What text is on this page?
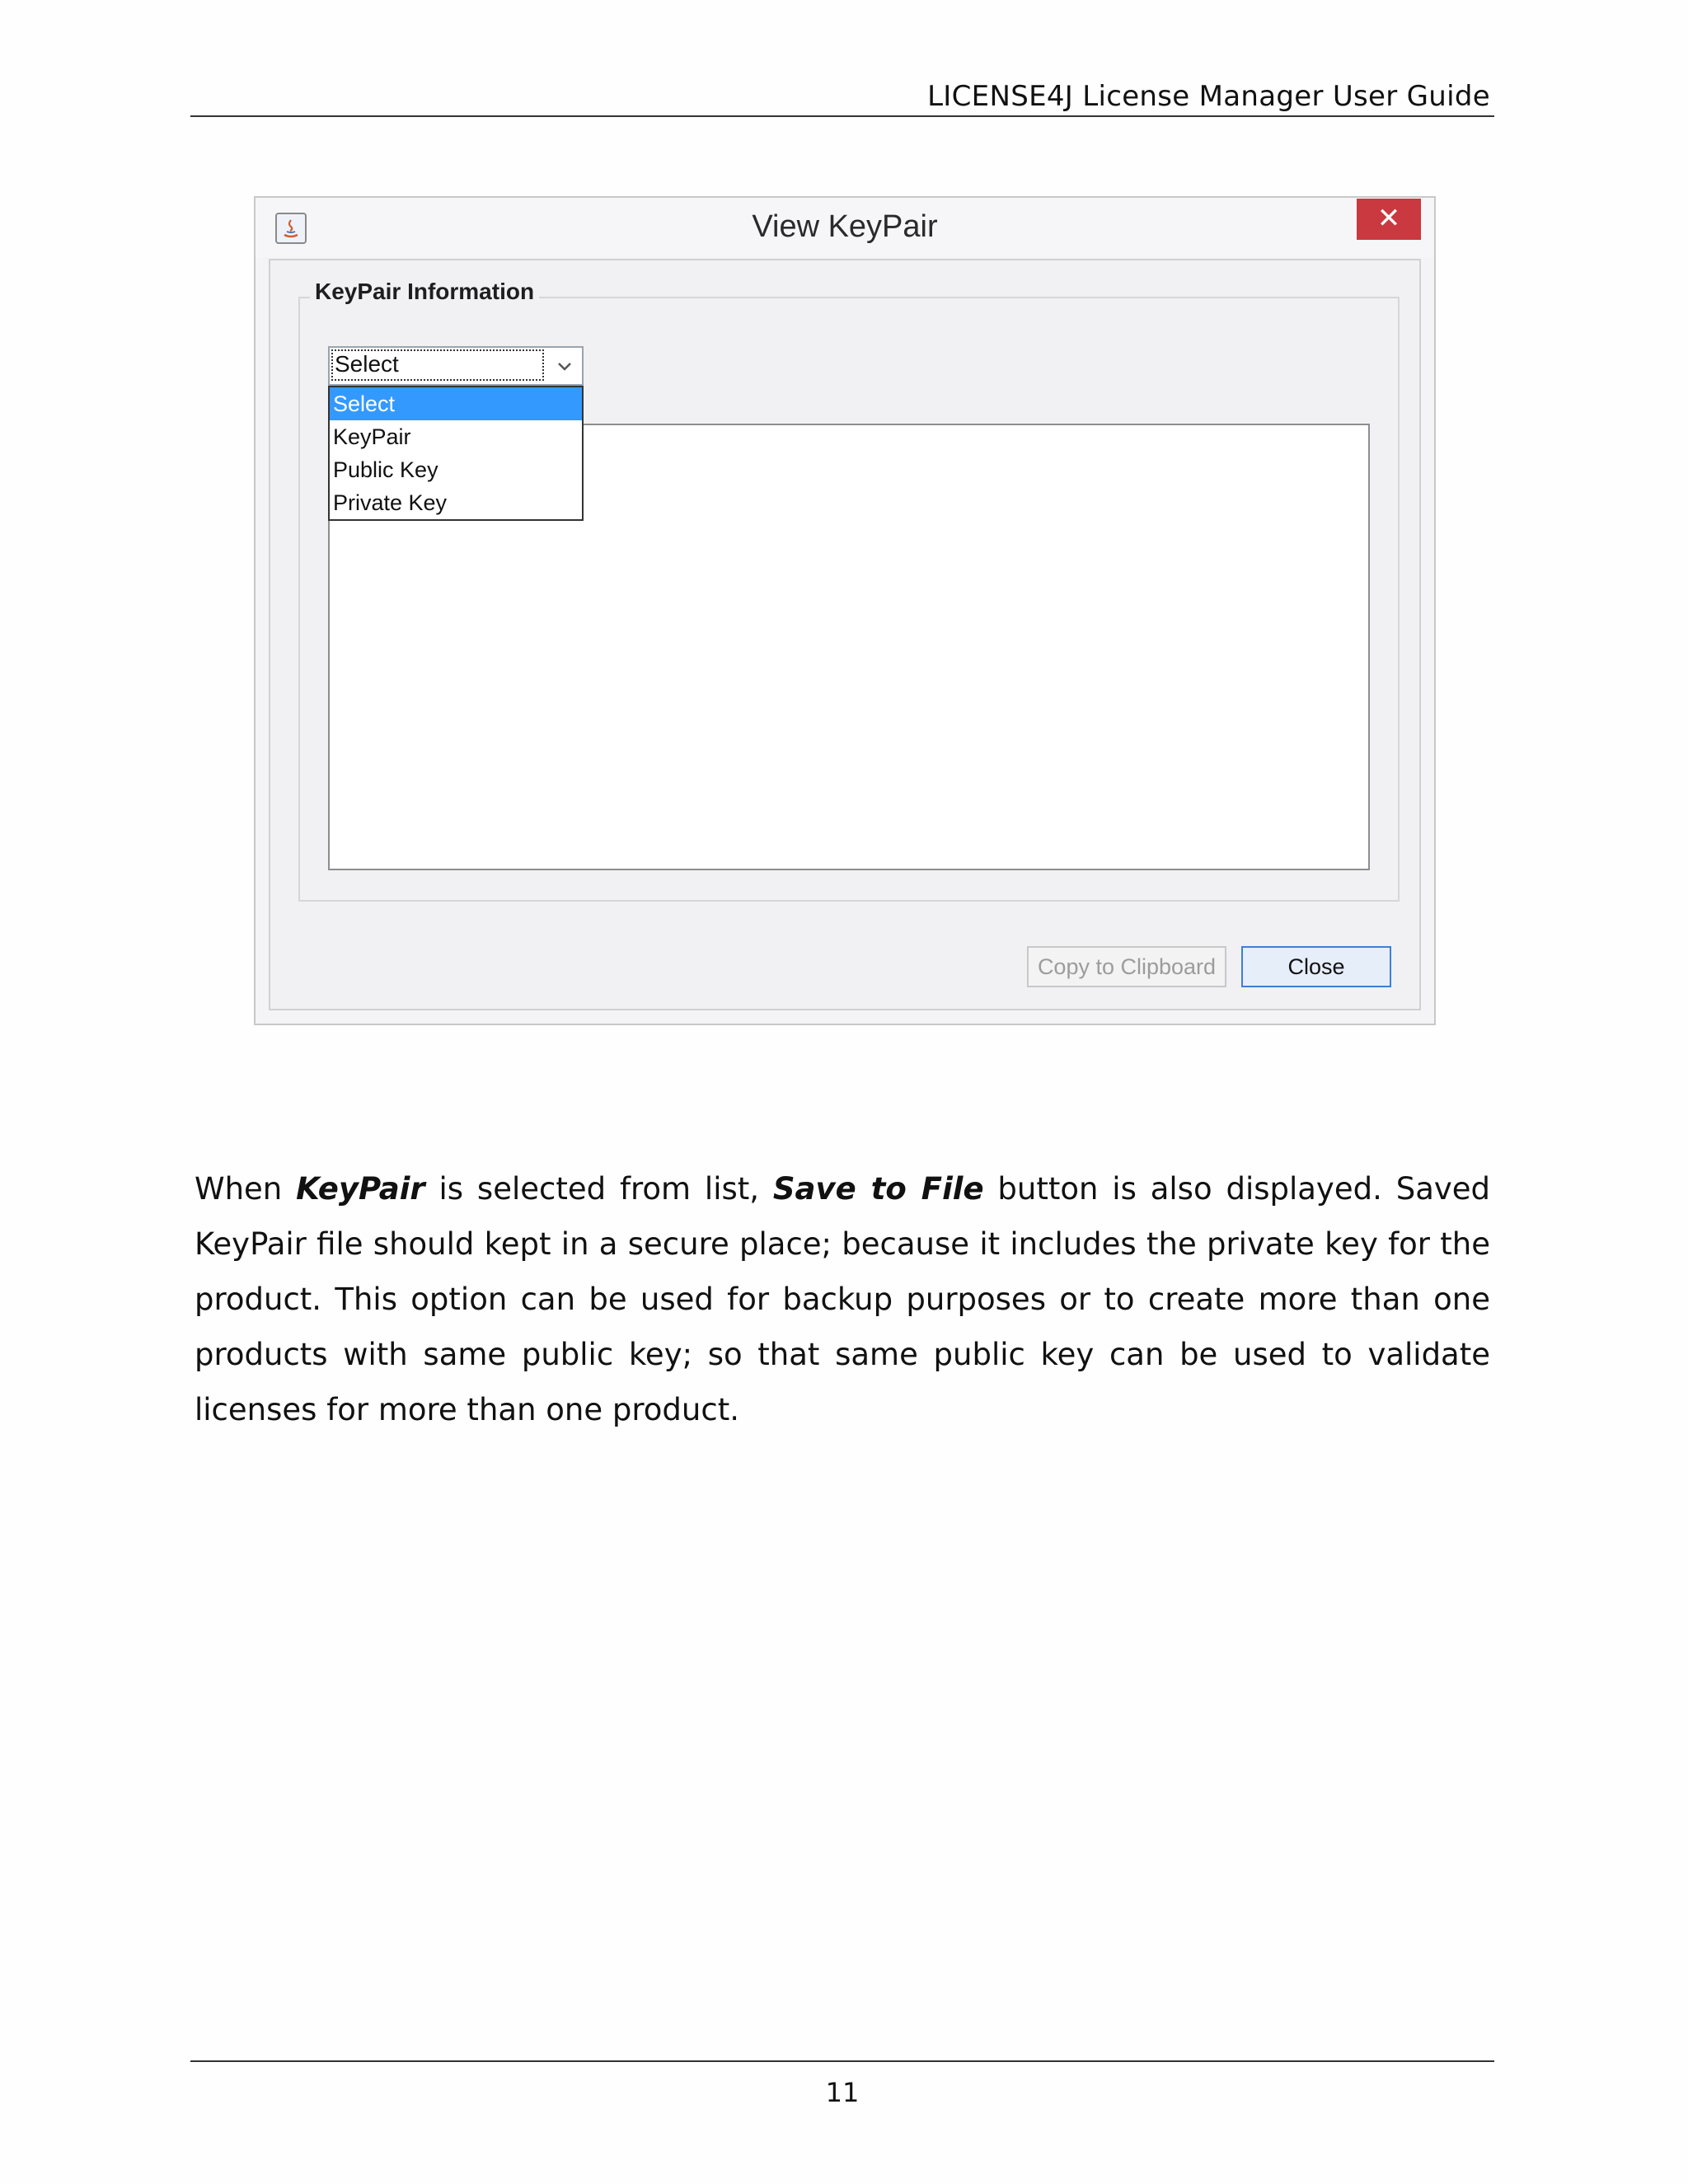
LICENSE4J License Manager User Guide
View KeyPair	✕
KeyPair Information
Select
Select
KeyPair
Public Key
Private Key
Copy to Clipboard	Close

When KeyPair is selected from list, Save to File button is also displayed. Saved KeyPair file should kept in a secure place; because it includes the private key for the product. This option can be used for backup purposes or to create more than one products with same public key; so that same public key can be used to validate licenses for more than one product.

11
